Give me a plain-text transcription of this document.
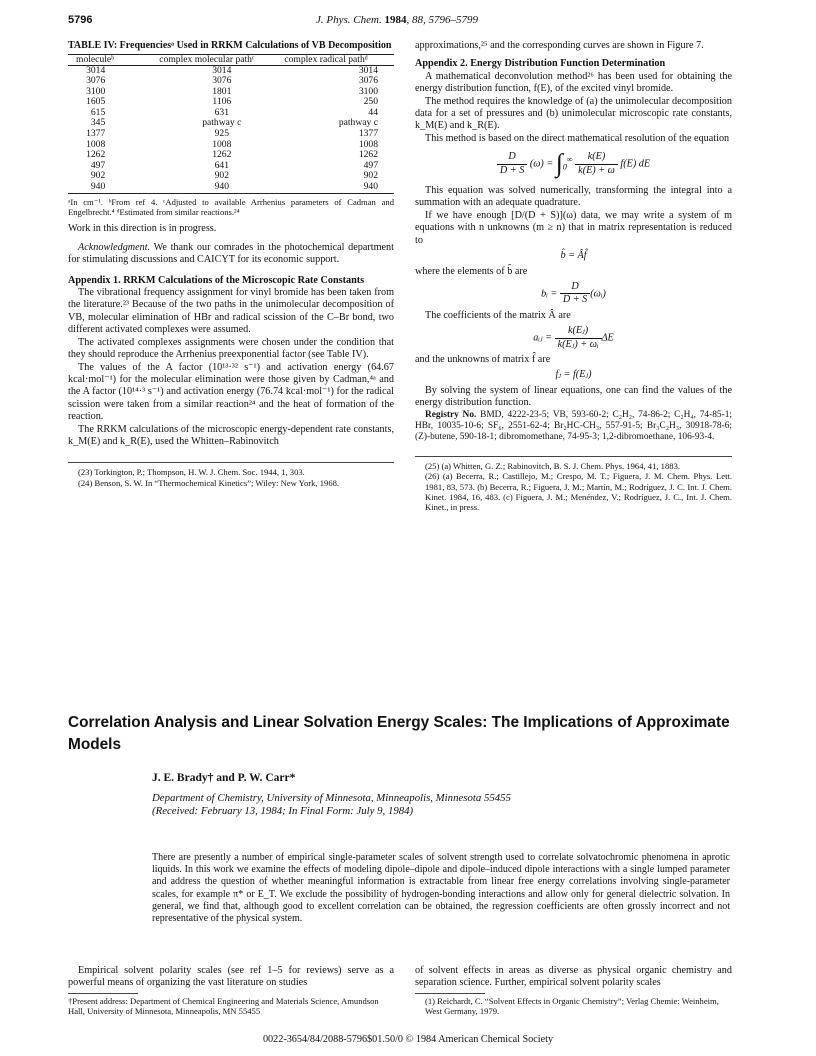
5796	J. Phys. Chem. 1984, 88, 5796–5799
TABLE IV: Frequenciesᵃ Used in RRKM Calculations of VB Decomposition
moleculeᵇ	complex molecular pathᶜ	complex radical pathᵈ
3014	3014	3014
3076	3076	3076
3100	1801	3100
1605	1106	250
615	631	44
345	pathway c	pathway c
1377	925	1377
1008	1008	1008
1262	1262	1262
497	641	497
902	902	902
940	940	940
ᵃIn cm⁻¹. ᵇFrom ref 4. ᶜAdjusted to available Arrhenius parameters of Cadman and Engelbrecht.⁴ ᵈEstimated from similar reactions.²⁴

Work in this direction is in progress.

Acknowledgment. We thank our comrades in the photochemical department for stimulating discussions and CAICYT for its economic support.

Appendix 1. RRKM Calculations of the Microscopic Rate Constants

The vibrational frequency assignment for vinyl bromide has been taken from the literature.²³ Because of the two paths in the unimolecular decomposition of VB, molecular elimination of HBr and radical scission of the C–Br bond, two different activated complexes were assumed.

The activated complexes assignments were chosen under the condition that they should reproduce the Arrhenius preexponential factor (see Table IV).

The values of the A factor (10¹³·³² s⁻¹) and activation energy (64.67 kcal·mol⁻¹) for the molecular elimination were those given by Cadman,⁴ᵃ and the A factor (10¹⁴·³ s⁻¹) and activation energy (76.74 kcal·mol⁻¹) for the radical scission were taken from a similar reaction²⁴ and the heat of formation of the reaction.

The RRKM calculations of the microscopic energy-dependent rate constants, k_M(E) and k_R(E), used the Whitten–Rabinovitch

(23) Torkington, P.; Thompson, H. W. J. Chem. Soc. 1944, 1, 303.
(24) Benson, S. W. In “Thermochemical Kinetics”; Wiley: New York, 1968.

approximations,²⁵ and the corresponding curves are shown in Figure 7.

Appendix 2. Energy Distribution Function Determination

A mathematical deconvolution method²⁶ has been used for obtaining the energy distribution function, f(E), of the excited vinyl bromide.

The method requires the knowledge of (a) the unimolecular decomposition data for a set of pressures and (b) unimolecular microscopic rate constants, k_M(E) and k_R(E).

This method is based on the direct mathematical resolution of the equation

$\frac{D}{D + S} (\omega) = \int_0^\infty \frac{k(E)}{k(E) + \omega} f(E)$ dE

This equation was solved numerically, transforming the integral into a summation with an adequate quadrature.

If we have enough [D/(D + S)](ω) data, we may write a system of m equations with n unknowns (m ≥ n) that in matrix representation is reduced to

b̂ = Âf̂

where the elements of b̂ are

bᵢ = $\frac{D}{D + S}$ (ωᵢ)

The coefficients of the matrix Â are

aᵢⱼ = $\frac{\text{k(Eⱼ)}}{\text{k(Eⱼ) + ωᵢ}}$ ΔE

and the unknowns of matrix f̂ are

fⱼ = f(Eⱼ)

By solving the system of linear equations, one can find the values of the energy distribution function.

Registry No. BMD, 4222-23-5; VB, 593-60-2; C₂H₂, 74-86-2; C₂H₄, 74-85-1; HBr, 10035-10-6; SF₆, 2551-62-4; Br₂HC-CH₃, 557-91-5; Br₃C₂H₃, 30918-78-6; (Z)-butene, 590-18-1; dibromomethane, 74-95-3; 1,2-dibromoethane, 106-93-4.

(25) (a) Whitten, G. Z.; Rabinovitch, B. S. J. Chem. Phys. 1964, 41, 1883.
(26) (a) Becerra, R.; Castillejo, M.; Crespo, M. T.; Figuera, J. M. Chem. Phys. Lett. 1981, 83, 573. (b) Becerra, R.; Figuera, J. M.; Martín, M.; Rodríguez, J. C. Int. J. Chem. Kinet. 1984, 16, 483. (c) Figuera, J. M.; Menéndez, V.; Rodríguez, J. C., Int. J. Chem. Kinet., in press.
Correlation Analysis and Linear Solvation Energy Scales: The Implications of Approximate Models
J. E. Brady† and P. W. Carr*
Department of Chemistry, University of Minnesota, Minneapolis, Minnesota 55455
(Received: February 13, 1984; In Final Form: July 9, 1984)
There are presently a number of empirical single-parameter scales of solvent strength used to correlate solvatochromic phenomena in aprotic liquids. In this work we examine the effects of modeling dipole–dipole and dipole–induced dipole interactions with a single lumped parameter and address the question of whether meaningful information is extractable from linear free energy correlations involving single-parameter scales, for example π* or E_T. We exclude the possibility of hydrogen-bonding interactions and allow only for general dielectric solvation. In general, we find that, although good to excellent correlation can be obtained, the regression coefficients are often grossly incorrect and not representative of the physical system.

Empirical solvent polarity scales (see ref 1–5 for reviews) serve as a powerful means of organizing the vast literature on studies

of solvent effects in areas as diverse as physical organic chemistry and separation science. Further, empirical solvent polarity scales

†Present address: Department of Chemical Engineering and Materials Science, Amundson Hall, University of Minnesota, Minneapolis, MN 55455
(1) Reichardt, C. “Solvent Effects in Organic Chemistry”; Verlag Chemie: Weinheim, West Germany, 1979.
0022-3654/84/2088-5796$01.50/0 © 1984 American Chemical Society
